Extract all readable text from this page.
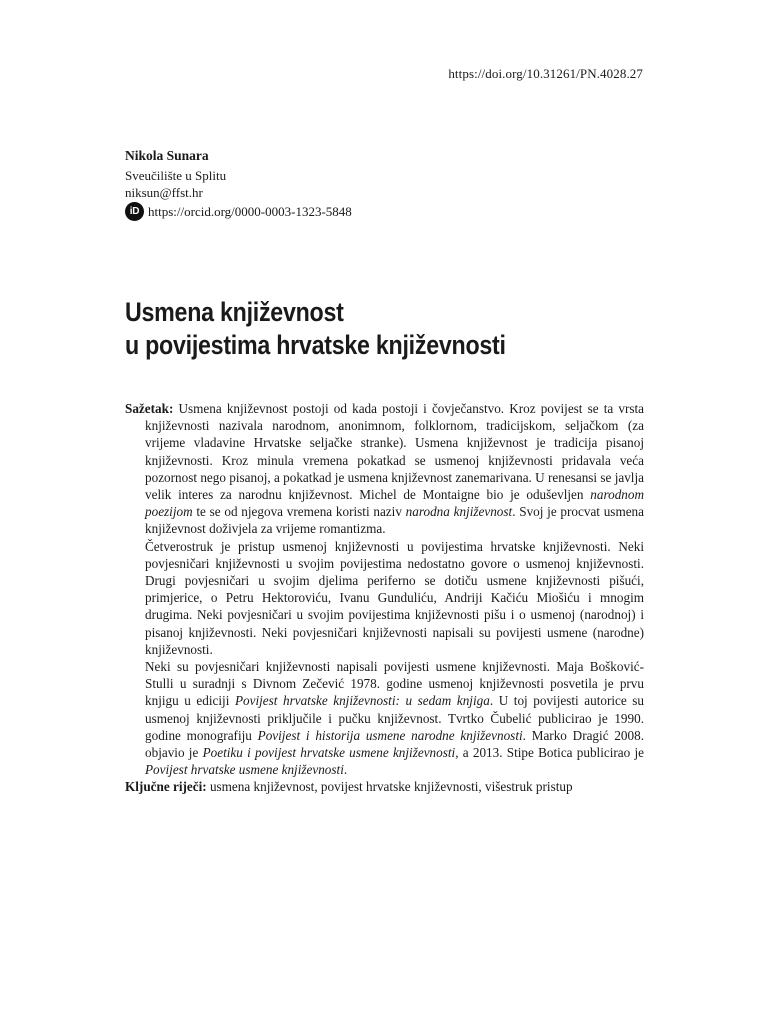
https://doi.org/10.31261/PN.4028.27
Nikola Sunara
Sveučilište u Splitu
niksun@ffst.hr
iD https://orcid.org/0000-0003-1323-5848
Usmena književnost
u povijestima hrvatske književnosti

Sažetak: Usmena književnost postoji od kada postoji i čovječanstvo. Kroz povijest se ta vrsta književnosti nazivala narodnom, anonimnom, folklornom, tradicijskom, seljačkom (za vrijeme vladavine Hrvatske seljačke stranke). Usmena književnost je tradicija pisanoj književnosti. Kroz minula vremena pokatkad se usmenoj književnosti pridavala veća pozornost nego pisanoj, a pokatkad je usmena književnost zanemarivana. U renesansi se javlja velik interes za narodnu književnost. Michel de Montaigne bio je oduševljen narodnom poezijom te se od njegova vremena koristi naziv narodna književnost. Svoj je procvat usmena književnost doživjela za vrijeme romantizma.

Četverostruk je pristup usmenoj književnosti u povijestima hrvatske književnosti. Neki povjesničari književnosti u svojim povijestima nedostatno govore o usmenoj književnosti. Drugi povjesničari u svojim djelima periferno se dotiču usmene književnosti pišući, primjerice, o Petru Hektoroviću, Ivanu Gunduliću, Andriji Kačiću Miošiću i mnogim drugima. Neki povjesničari u svojim povijestima književnosti pišu i o usmenoj (narodnoj) i pisanoj književnosti. Neki povjesničari književnosti napisali su povijesti usmene (narodne) književnosti.

Neki su povjesničari književnosti napisali povijesti usmene književnosti. Maja Bošković-Stulli u suradnji s Divnom Zečević 1978. godine usmenoj književnosti posvetila je prvu knjigu u ediciji Povijest hrvatske književnosti: u sedam knjiga. U toj povijesti autorice su usmenoj književnosti priključile i pučku književnost. Tvrtko Čubelić publicirao je 1990. godine monografiju Povijest i historija usmene narodne književnosti. Marko Dragić 2008. objavio je Poetiku i povijest hrvatske usmene književnosti, a 2013. Stipe Botica publicirao je Povijest hrvatske usmene književnosti.

Ključne riječi: usmena književnost, povijest hrvatske književnosti, višestruk pristup
